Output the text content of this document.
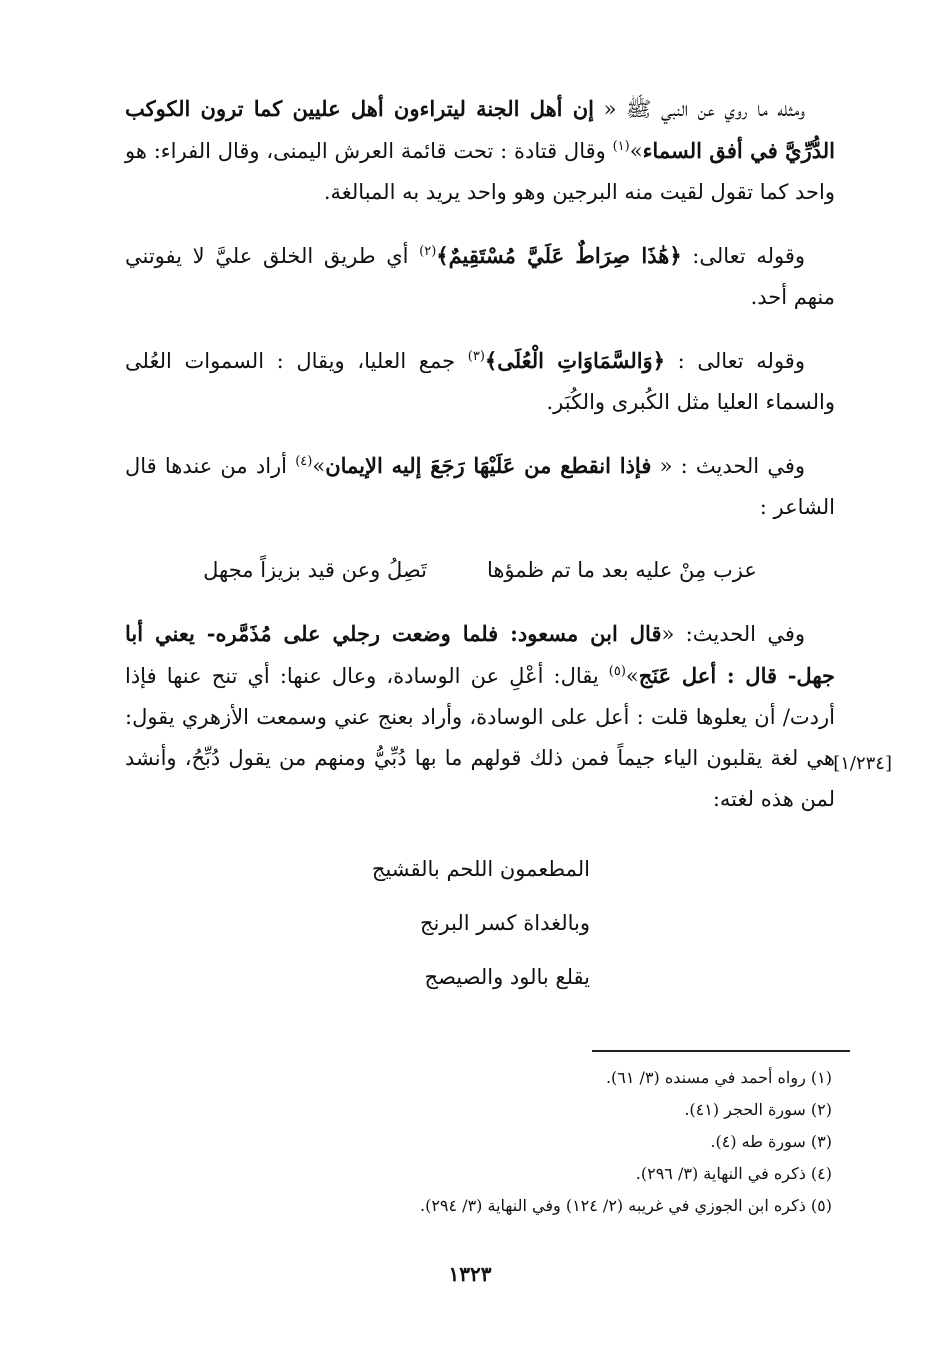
ومثله ما روي عن النبي ﷺ « إن أهل الجنة ليتراءون أهل عليين كما ترون الكوكب الدُّرِّيَّ في أفق السماء»$^{(١)}$ وقال قتادة : تحت قائمة العرش اليمنى، وقال الفراء: هو واحد كما تقول لقيت منه البرجين وهو واحد يريد به المبالغة.

وقوله تعالى: ﴿هَٰذَا صِرَاطٌ عَلَيَّ مُسْتَقِيمٌ﴾$^{(٢)}$ أي طريق الخلق عليَّ لا يفوتني منهم أحد.

وقوله تعالى : ﴿وَالسَّمَاوَاتِ الْعُلَى﴾$^{(٣)}$ جمع العليا، ويقال : السموات العُلى والسماء العليا مثل الكُبرى والكُبَر.

وفي الحديث : « فإذا انقطع من عَلَيْهَا رَجَعَ إليه الإيمان»$^{(٤)}$ أراد من عندها قال الشاعر :

عزب مِنْ عليه بعد ما تم ظمؤها
تَصِلُ وعن قيد بزيزاً مجهل

وفي الحديث: «قال ابن مسعود: فلما وضعت رجلي على مُذَمَّره- يعني أبا جهل- قال : أعل عَنَج»$^{(٥)}$ يقال: أعْلِ عن الوسادة، وعال عنها: أي تنح عنها فإذا أردت/ أن يعلوها قلت : أعل على الوسادة، وأراد بعنج عني وسمعت الأزهري يقول: هي لغة يقلبون الياء جيماً فمن ذلك قولهم ما بها دُبِّيُّ ومنهم من يقول دُبِّحُ، وأنشد لمن هذه لغته:

المطعمون اللحم بالقشيج
وبالغداة كسر البرنج
يقلع بالود والصيصج
[١/٢٣٤]

(١) رواه أحمد في مسنده (٣/ ٦١).

(٢) سورة الحجر (٤١).

(٣) سورة طه (٤).

(٤) ذكره في النهاية (٣/ ٢٩٦).

(٥) ذكره ابن الجوزي في غريبه (٢/ ١٢٤) وفي النهاية (٣/ ٢٩٤).

١٣٢٣
